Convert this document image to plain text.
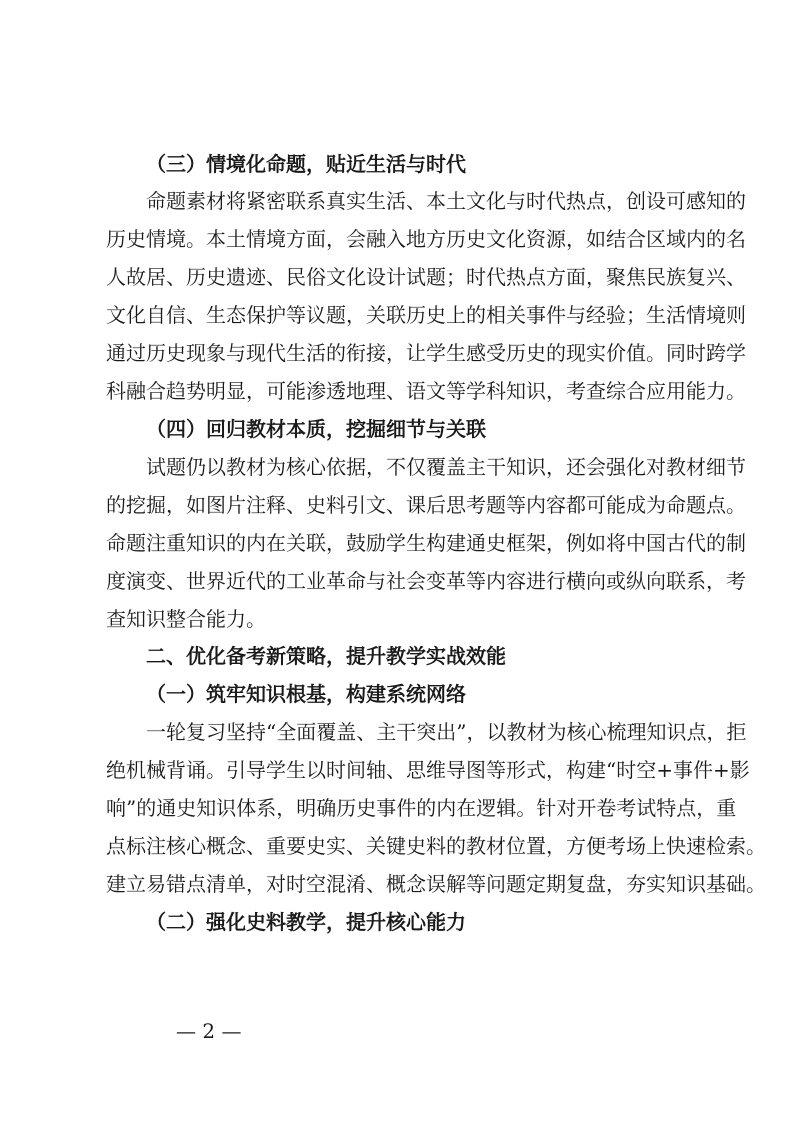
（三）情境化命题，贴近生活与时代
命题素材将紧密联系真实生活、本土文化与时代热点，创设可感知的
历史情境。本土情境方面，会融入地方历史文化资源，如结合区域内的名
人故居、历史遗迹、民俗文化设计试题；时代热点方面，聚焦民族复兴、
文化自信、生态保护等议题，关联历史上的相关事件与经验；生活情境则
通过历史现象与现代生活的衔接，让学生感受历史的现实价值。同时跨学
科融合趋势明显，可能渗透地理、语文等学科知识，考查综合应用能力。
（四）回归教材本质，挖掘细节与关联
试题仍以教材为核心依据，不仅覆盖主干知识，还会强化对教材细节
的挖掘，如图片注释、史料引文、课后思考题等内容都可能成为命题点。
命题注重知识的内在关联，鼓励学生构建通史框架，例如将中国古代的制
度演变、世界近代的工业革命与社会变革等内容进行横向或纵向联系，考
查知识整合能力。
二、优化备考新策略，提升教学实战效能
（一）筑牢知识根基，构建系统网络
一轮复习坚持“全面覆盖、主干突出”，以教材为核心梳理知识点，拒
绝机械背诵。引导学生以时间轴、思维导图等形式，构建“时空+事件+影
响”的通史知识体系，明确历史事件的内在逻辑。针对开卷考试特点，重
点标注核心概念、重要史实、关键史料的教材位置，方便考场上快速检索。
建立易错点清单，对时空混淆、概念误解等问题定期复盘，夯实知识基础。
（二）强化史料教学，提升核心能力
— 2 —
